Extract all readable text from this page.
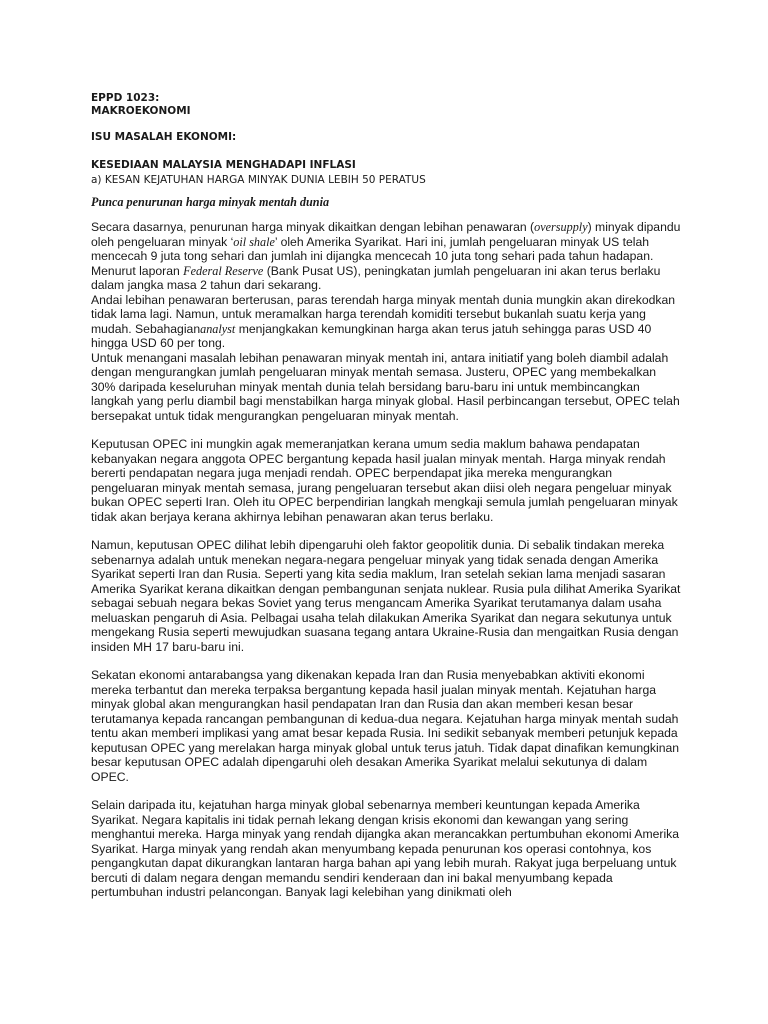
EPPD 1023:

MAKROEKONOMI

ISU MASALAH EKONOMI:

KESEDIAAN MALAYSIA MENGHADAPI INFLASI

a) KESAN KEJATUHAN HARGA MINYAK DUNIA LEBIH 50 PERATUS

Punca penurunan harga minyak mentah dunia

Secara dasarnya, penurunan harga minyak dikaitkan dengan lebihan penawaran (oversupply) minyak dipandu oleh pengeluaran minyak ‘oil shale’ oleh Amerika Syarikat. Hari ini, jumlah pengeluaran minyak US telah mencecah 9 juta tong sehari dan jumlah ini dijangka mencecah 10 juta tong sehari pada tahun hadapan. Menurut laporan Federal Reserve (Bank Pusat US), peningkatan jumlah pengeluaran ini akan terus berlaku dalam jangka masa 2 tahun dari sekarang.
Andai lebihan penawaran berterusan, paras terendah harga minyak mentah dunia mungkin akan direkodkan tidak lama lagi. Namun, untuk meramalkan harga terendah komiditi tersebut bukanlah suatu kerja yang mudah. Sebahagiananalyst menjangkakan kemungkinan harga akan terus jatuh sehingga paras USD 40 hingga USD 60 per tong.
Untuk menangani masalah lebihan penawaran minyak mentah ini, antara initiatif yang boleh diambil adalah dengan mengurangkan jumlah pengeluaran minyak mentah semasa. Justeru, OPEC yang membekalkan 30% daripada keseluruhan minyak mentah dunia telah bersidang baru-baru ini untuk membincangkan langkah yang perlu diambil bagi menstabilkan harga minyak global. Hasil perbincangan tersebut, OPEC telah bersepakat untuk tidak mengurangkan pengeluaran minyak mentah.

Keputusan OPEC ini mungkin agak memeranjatkan kerana umum sedia maklum bahawa pendapatan kebanyakan negara anggota OPEC bergantung kepada hasil jualan minyak mentah. Harga minyak rendah bererti pendapatan negara juga menjadi rendah. OPEC berpendapat jika mereka mengurangkan pengeluaran minyak mentah semasa, jurang pengeluaran tersebut akan diisi oleh negara pengeluar minyak bukan OPEC seperti Iran. Oleh itu OPEC berpendirian langkah mengkaji semula jumlah pengeluaran minyak tidak akan berjaya kerana akhirnya lebihan penawaran akan terus berlaku.

Namun, keputusan OPEC dilihat lebih dipengaruhi oleh faktor geopolitik dunia. Di sebalik tindakan mereka sebenarnya adalah untuk menekan negara-negara pengeluar minyak yang tidak senada dengan Amerika Syarikat seperti Iran dan Rusia. Seperti yang kita sedia maklum, Iran setelah sekian lama menjadi sasaran Amerika Syarikat kerana dikaitkan dengan pembangunan senjata nuklear. Rusia pula dilihat Amerika Syarikat sebagai sebuah negara bekas Soviet yang terus mengancam Amerika Syarikat terutamanya dalam usaha meluaskan pengaruh di Asia. Pelbagai usaha telah dilakukan Amerika Syarikat dan negara sekutunya untuk mengekang Rusia seperti mewujudkan suasana tegang antara Ukraine-Rusia dan mengaitkan Rusia dengan insiden MH 17 baru-baru ini.

Sekatan ekonomi antarabangsa yang dikenakan kepada Iran dan Rusia menyebabkan aktiviti ekonomi mereka terbantut dan mereka terpaksa bergantung kepada hasil jualan minyak mentah. Kejatuhan harga minyak global akan mengurangkan hasil pendapatan Iran dan Rusia dan akan memberi kesan besar terutamanya kepada rancangan pembangunan di kedua-dua negara. Kejatuhan harga minyak mentah sudah tentu akan memberi implikasi yang amat besar kepada Rusia. Ini sedikit sebanyak memberi petunjuk kepada keputusan OPEC yang merelakan harga minyak global untuk terus jatuh. Tidak dapat dinafikan kemungkinan besar keputusan OPEC adalah dipengaruhi oleh desakan Amerika Syarikat melalui sekutunya di dalam OPEC.

Selain daripada itu, kejatuhan harga minyak global sebenarnya memberi keuntungan kepada Amerika Syarikat. Negara kapitalis ini tidak pernah lekang dengan krisis ekonomi dan kewangan yang sering menghantui mereka. Harga minyak yang rendah dijangka akan merancakkan pertumbuhan ekonomi Amerika Syarikat. Harga minyak yang rendah akan menyumbang kepada penurunan kos operasi contohnya, kos pengangkutan dapat dikurangkan lantaran harga bahan api yang lebih murah. Rakyat juga berpeluang untuk bercuti di dalam negara dengan memandu sendiri kenderaan dan ini bakal menyumbang kepada pertumbuhan industri pelancongan. Banyak lagi kelebihan yang dinikmati oleh
